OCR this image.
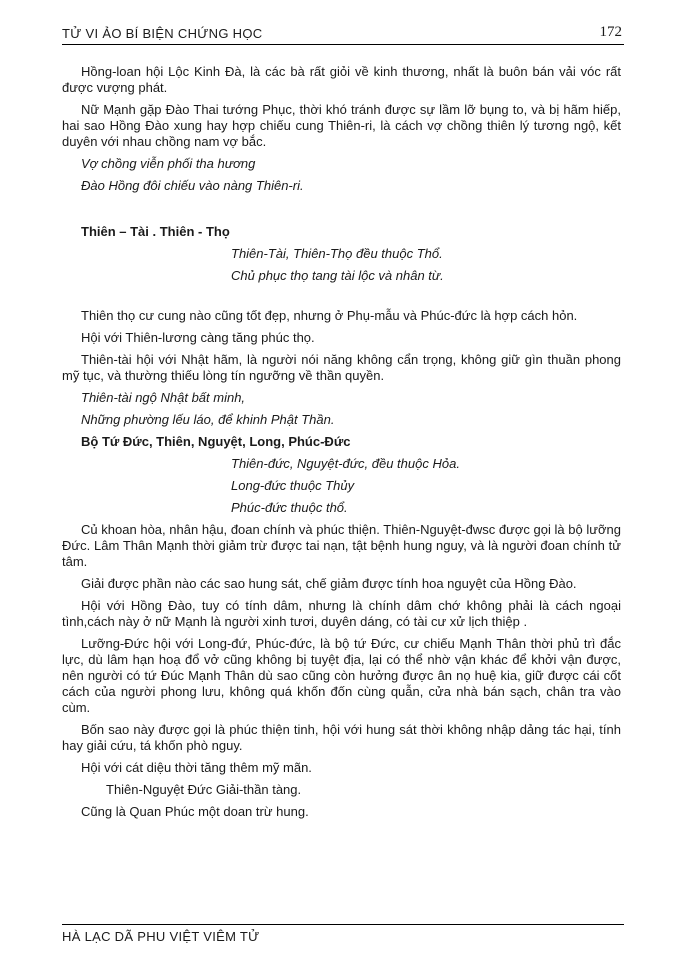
TỬ VI ẢO BÍ BIỆN CHỨNG HỌC	172

Hồng-loan hội Lộc Kinh Đà, là các bà rất giỏi về kinh thương, nhất là buôn bán vải vóc rất được vượng phát.

Nữ Mạnh gặp Đào Thai tướng Phục, thời khó tránh được sự lầm lỡ bụng to, và bị hãm hiếp, hai sao Hồng Đào xung hay hợp chiếu cung Thiên-ri, là cách vợ chồng thiên lý tương ngộ, kết duyên với nhau chồng nam vợ bắc.

Vợ chồng viễn phối tha hương

Đào Hồng đôi chiếu vào nàng Thiên-ri.

Thiên – Tài . Thiên - Thọ

Thiên-Tài, Thiên-Thọ đều thuộc Thổ.

Chủ phục thọ tang tài lộc và nhân từ.

Thiên thọ cư cung nào cũng tốt đẹp, nhưng ở Phụ-mẫu và Phúc-đức là hợp cách hỏn.

Hội với Thiên-lương càng tăng phúc thọ.

Thiên-tài hội với Nhật hãm, là người nói năng không cẩn trọng, không giữ gìn thuần phong mỹ tục, và thường thiếu lòng tín ngưỡng về thần quyền.

Thiên-tài ngộ Nhật bất minh,

Những phường lếu láo, để khinh Phật Thần.

Bộ Tứ Đức, Thiên, Nguyệt, Long, Phúc-Đức

Thiên-đức, Nguyệt-đức, đều thuộc Hỏa.

Long-đức thuộc Thủy

Phúc-đức thuộc thổ.

Củ khoan hòa, nhân hậu, đoan chính và phúc thiện. Thiên-Nguyệt-đwsc được gọi là bộ lưỡng Đức. Lâm Thân Mạnh thời giảm trừ được tai nạn, tật bệnh hung nguy, và là người đoan chính tử tâm.

Giải được phần nào các sao hung sát, chế giảm được tính hoa nguyệt của Hồng Đào.

Hội với Hồng Đào, tuy có tính dâm, nhưng là chính dâm chớ không phải là cách ngoại tình,cách này ở nữ Mạnh là người xinh tươi, duyên dáng, có tài cư xử lịch thiệp .

Lưỡng-Đức hội với Long-đứ, Phúc-đức, là bộ tứ Đức, cư chiếu Mạnh Thân thời phủ trì đắc lực, dù lâm hạn hoạ đổ vở cũng không bị tuyệt địa, lại có thể nhờ vận khác để khởi vận được, nên người có tứ Đúc Mạnh Thân dù sao cũng còn hưởng được ân nọ huệ kia, giữ được cái cốt cách của người phong lưu, không quá khốn đốn cùng quẫn, cửa nhà bán sạch, chân tra vào cùm.

Bốn sao này được gọi là phúc thiện tinh, hội với hung sát thời không nhập dảng tác hại, tính hay giải cứu, tá khốn phò nguy.

Hội với cát diệu thời tăng thêm mỹ mãn.

Thiên-Nguyệt Đức Giải-thần tàng.

Cũng là Quan Phúc một doan trừ hung.

HÀ LẠC DÃ PHU VIỆT VIÊM TỬ
